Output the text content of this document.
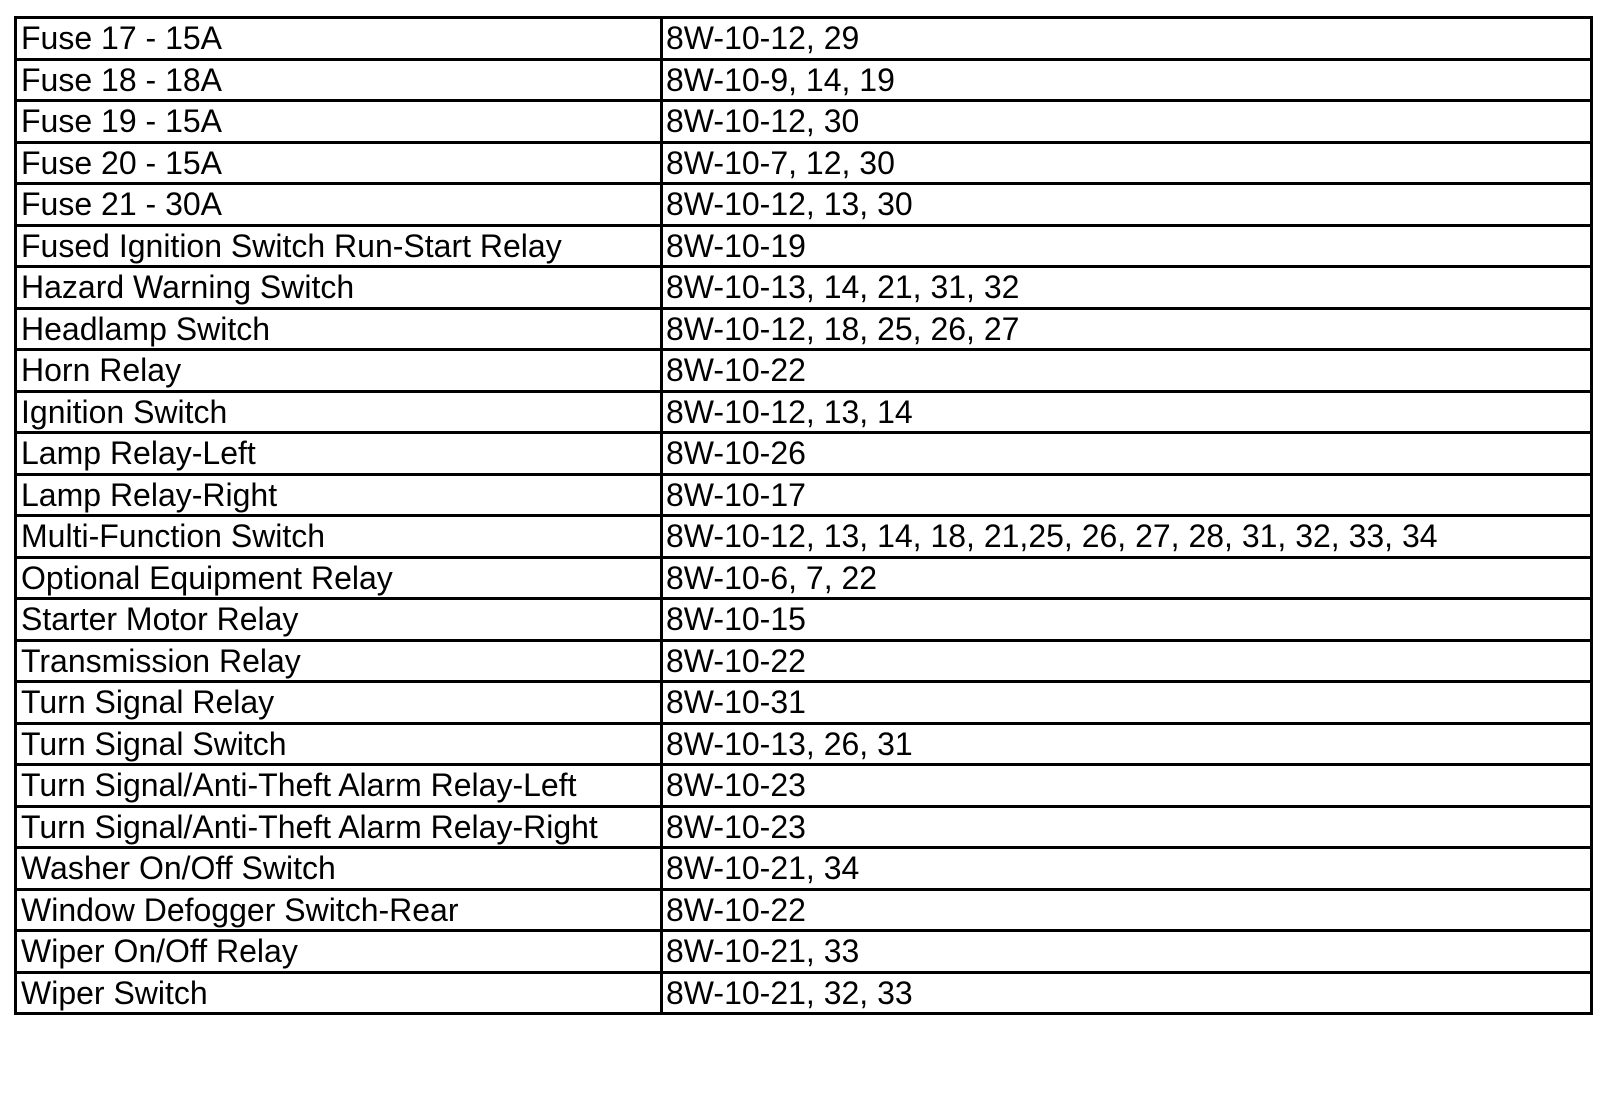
Fuse 17 - 15A	8W-10-12, 29
Fuse 18 - 18A	8W-10-9, 14, 19
Fuse 19 - 15A	8W-10-12, 30
Fuse 20 - 15A	8W-10-7, 12, 30
Fuse 21 - 30A	8W-10-12, 13, 30
Fused Ignition Switch Run-Start Relay	8W-10-19
Hazard Warning Switch	8W-10-13, 14, 21, 31, 32
Headlamp Switch	8W-10-12, 18, 25, 26, 27
Horn Relay	8W-10-22
Ignition Switch	8W-10-12, 13, 14
Lamp Relay-Left	8W-10-26
Lamp Relay-Right	8W-10-17
Multi-Function Switch	8W-10-12, 13, 14, 18, 21,25, 26, 27, 28, 31, 32, 33, 34
Optional Equipment Relay	8W-10-6, 7, 22
Starter Motor Relay	8W-10-15
Transmission Relay	8W-10-22
Turn Signal Relay	8W-10-31
Turn Signal Switch	8W-10-13, 26, 31
Turn Signal/Anti-Theft Alarm Relay-Left	8W-10-23
Turn Signal/Anti-Theft Alarm Relay-Right	8W-10-23
Washer On/Off Switch	8W-10-21, 34
Window Defogger Switch-Rear	8W-10-22
Wiper On/Off Relay	8W-10-21, 33
Wiper Switch	8W-10-21, 32, 33
